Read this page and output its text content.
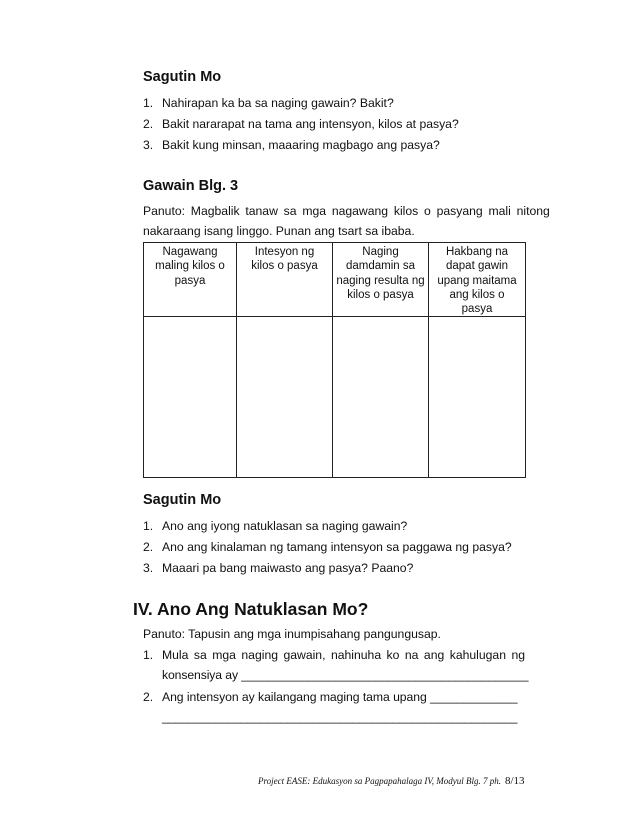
Sagutin Mo
1. Nahirapan ka ba sa naging gawain? Bakit?
2. Bakit nararapat na tama ang intensyon, kilos at pasya?
3. Bakit kung minsan, maaaring magbago ang pasya?
Gawain Blg. 3
Panuto: Magbalik tanaw sa mga nagawang kilos o pasyang mali nitong
nakaraang isang linggo. Punan ang tsart sa ibaba.
Nagawang maling kilos o pasya	Intesyon ng kilos o pasya	Naging damdamin sa naging resulta ng kilos o pasya	Hakbang na dapat gawin upang maitama ang kilos o pasya

Sagutin Mo
1. Ano ang iyong natuklasan sa naging gawain?
2. Ano ang kinalaman ng tamang intensyon sa paggawa ng pasya?
3. Maaari pa bang maiwasto ang pasya? Paano?
IV. Ano Ang Natuklasan Mo?
Panuto: Tapusin ang mga inumpisahang pangungusap.
1. Mula sa mga naging gawain, nahinuha ko na ang kahulugan ng
konsensiya ay ___________________________________________
2. Ang intensyon ay kailangang maging tama upang _____________
______________________________________________________
Project EASE: Edukasyon sa Pagpapahalaga IV, Modyul Blg. 7 ph. 8/13
